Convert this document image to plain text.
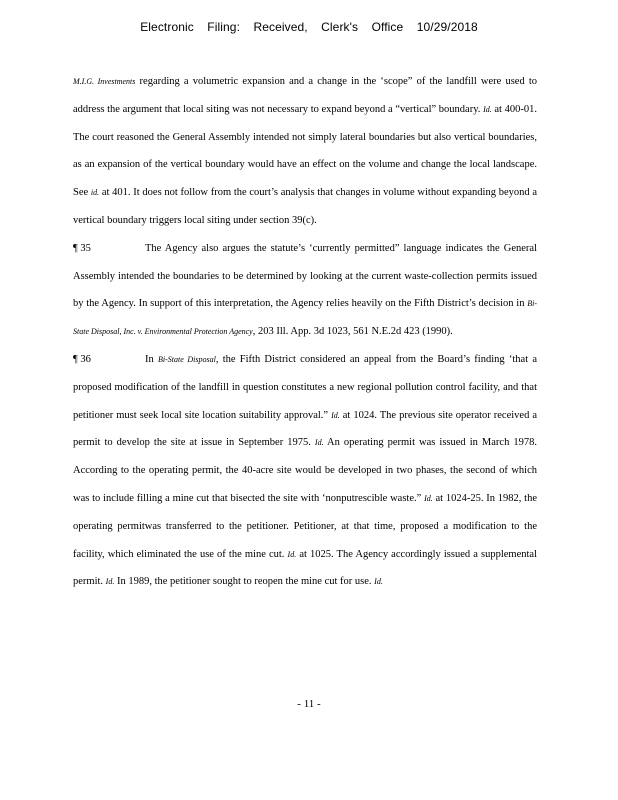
Electronic Filing: Received, Clerk's Office 10/29/2018

M.I.G. Investments regarding a volumetric expansion and a change in the ‘scope” of the landfill were used to address the argument that local siting was not necessary to expand beyond a “vertical” boundary. Id. at 400-01. The court reasoned the General Assembly intended not simply lateral boundaries but also vertical boundaries, as an expansion of the vertical boundary would have an effect on the volume and change the local landscape. See id. at 401. It does not follow from the court’s analysis that changes in volume without expanding beyond a vertical boundary triggers local siting under section 39(c).

¶ 35	The Agency also argues the statute’s ‘currently permitted” language indicates the General Assembly intended the boundaries to be determined by looking at the current waste-collection permits issued by the Agency. In support of this interpretation, the Agency relies heavily on the Fifth District’s decision in Bi-State Disposal, Inc. v. Environmental Protection Agency, 203 Ill. App. 3d 1023, 561 N.E.2d 423 (1990).

¶ 36	In Bi-State Disposal, the Fifth District considered an appeal from the Board’s finding ‘that a proposed modification of the landfill in question constitutes a new regional pollution control facility, and that petitioner must seek local site location suitability approval.” Id. at 1024. The previous site operator received a permit to develop the site at issue in September 1975. Id. An operating permit was issued in March 1978. According to the operating permit, the 40-acre site would be developed in two phases, the second of which was to include filling a mine cut that bisected the site with ‘nonputrescible waste.” Id. at 1024-25. In 1982, the operating permitwas transferred to the petitioner. Petitioner, at that time, proposed a modification to the facility, which eliminated the use of the mine cut. Id. at 1025. The Agency accordingly issued a supplemental permit. Id. In 1989, the petitioner sought to reopen the mine cut for use. Id.

- 11 -
